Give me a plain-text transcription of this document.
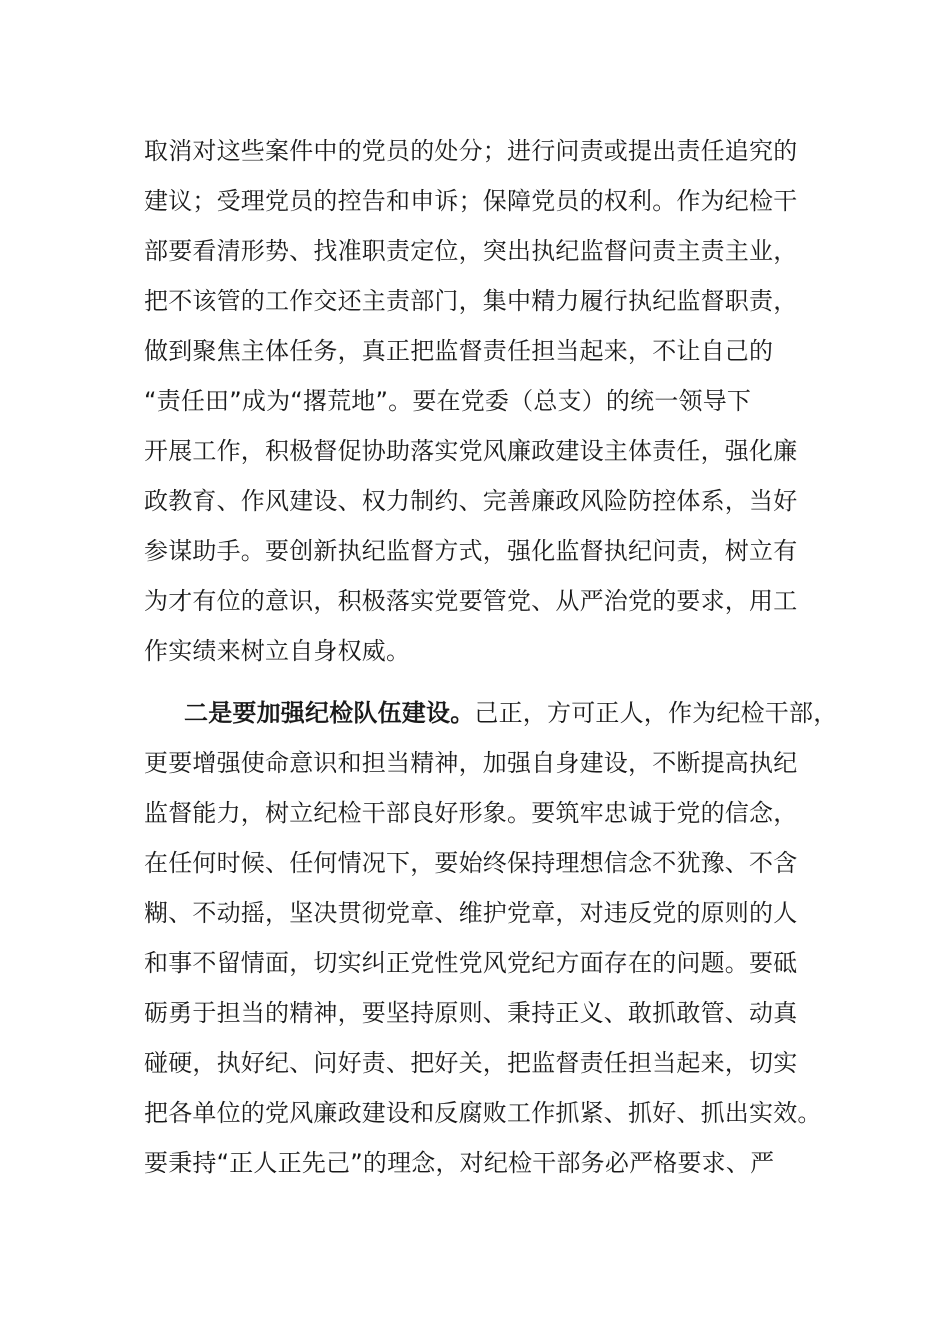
取消对这些案件中的党员的处分；进行问责或提出责任追究的
建议；受理党员的控告和申诉；保障党员的权利。作为纪检干
部要看清形势、找准职责定位，突出执纪监督问责主责主业，
把不该管的工作交还主责部门，集中精力履行执纪监督职责，
做到聚焦主体任务，真正把监督责任担当起来，不让自己的
“责任田”成为“撂荒地”。要在党委（总支）的统一领导下
开展工作，积极督促协助落实党风廉政建设主体责任，强化廉
政教育、作风建设、权力制约、完善廉政风险防控体系，当好
参谋助手。要创新执纪监督方式，强化监督执纪问责，树立有
为才有位的意识，积极落实党要管党、从严治党的要求，用工
作实绩来树立自身权威。
二是要加强纪检队伍建设。己正，方可正人，作为纪检干部，
更要增强使命意识和担当精神，加强自身建设，不断提高执纪
监督能力，树立纪检干部良好形象。要筑牢忠诚于党的信念，
在任何时候、任何情况下，要始终保持理想信念不犹豫、不含
糊、不动摇，坚决贯彻党章、维护党章，对违反党的原则的人
和事不留情面，切实纠正党性党风党纪方面存在的问题。要砥
砺勇于担当的精神，要坚持原则、秉持正义、敢抓敢管、动真
碰硬，执好纪、问好责、把好关，把监督责任担当起来，切实
把各单位的党风廉政建设和反腐败工作抓紧、抓好、抓出实效。
要秉持“正人正先己”的理念，对纪检干部务必严格要求、严
